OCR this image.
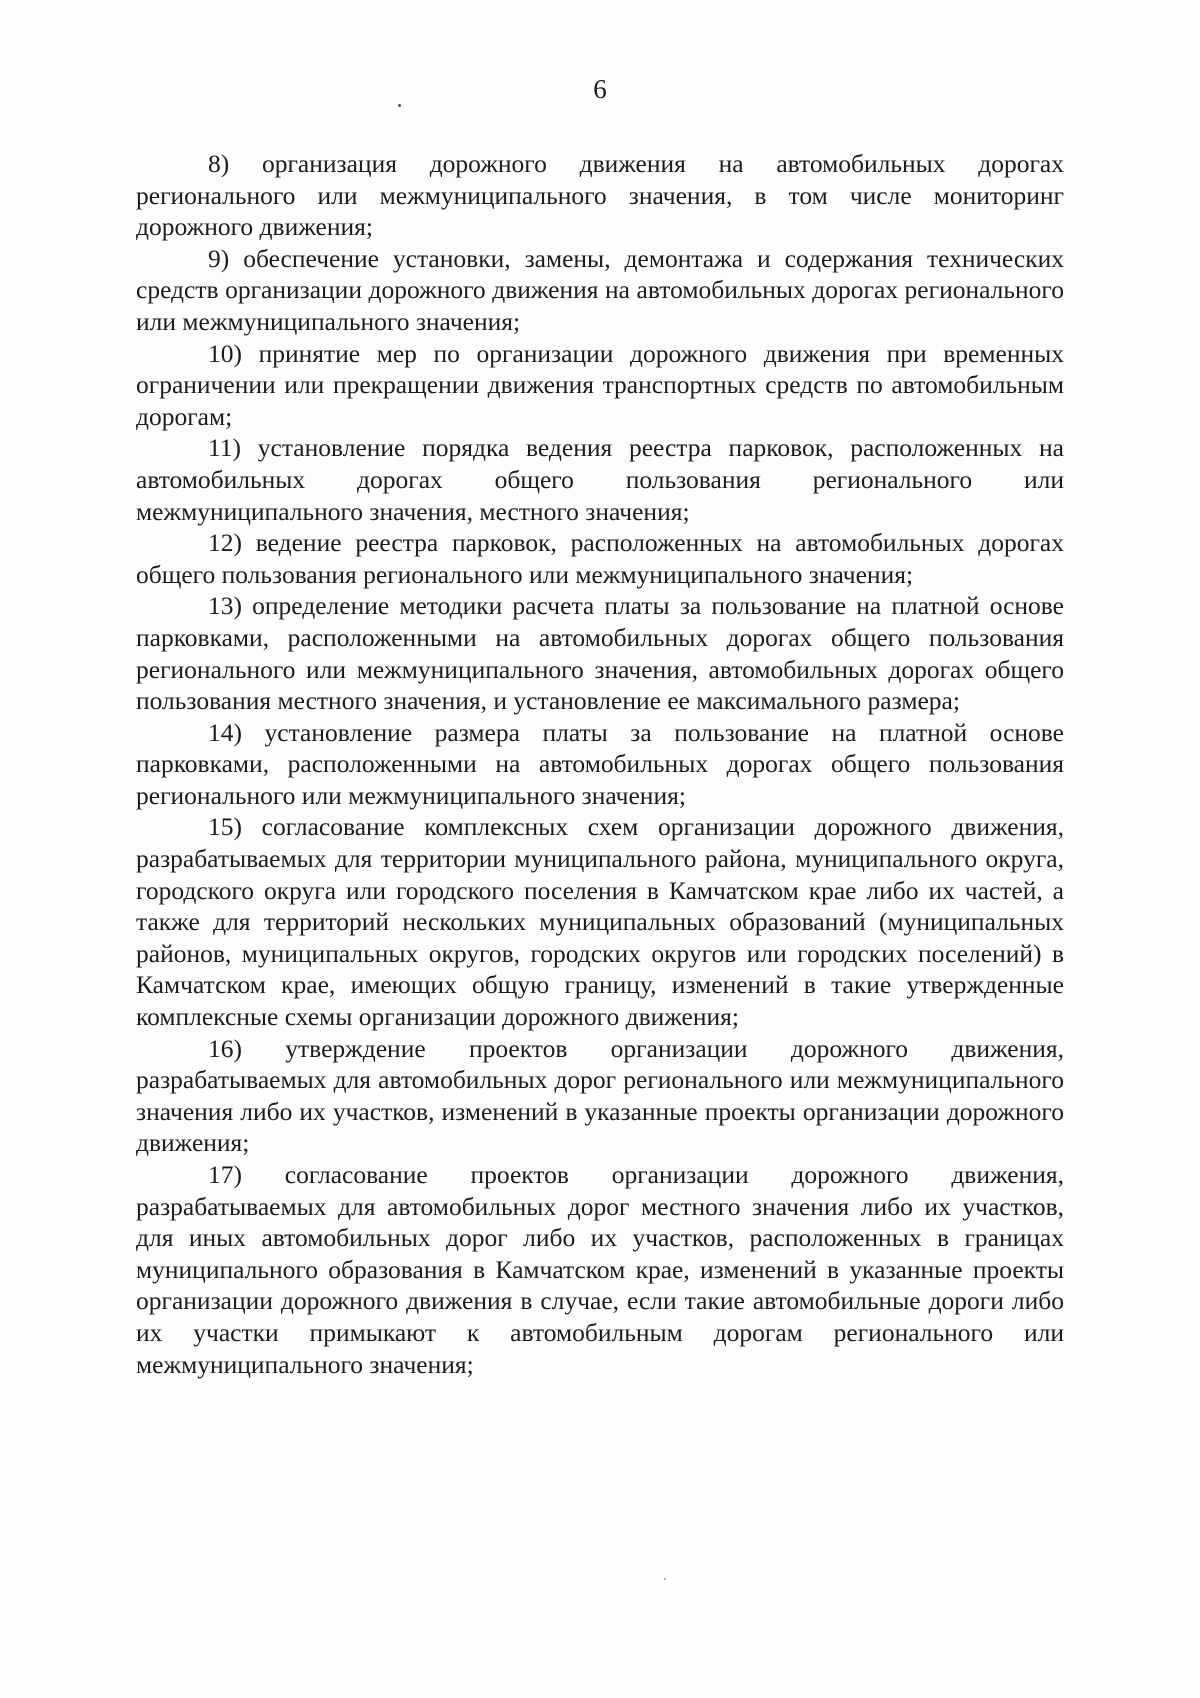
6

8) организация дорожного движения на автомобильных дорогах регионального или межмуниципального значения, в том числе мониторинг дорожного движения;

9) обеспечение установки, замены, демонтажа и содержания технических средств организации дорожного движения на автомобильных дорогах регионального или межмуниципального значения;

10) принятие мер по организации дорожного движения при временных ограничении или прекращении движения транспортных средств по автомобильным дорогам;

11) установление порядка ведения реестра парковок, расположенных на автомобильных дорогах общего пользования регионального или межмуниципального значения, местного значения;

12) ведение реестра парковок, расположенных на автомобильных дорогах общего пользования регионального или межмуниципального значения;

13) определение методики расчета платы за пользование на платной основе парковками, расположенными на автомобильных дорогах общего пользования регионального или межмуниципального значения, автомобильных дорогах общего пользования местного значения, и установление ее максимального размера;

14) установление размера платы за пользование на платной основе парковками, расположенными на автомобильных дорогах общего пользования регионального или межмуниципального значения;

15) согласование комплексных схем организации дорожного движения, разрабатываемых для территории муниципального района, муниципального округа, городского округа или городского поселения в Камчатском крае либо их частей, а также для территорий нескольких муниципальных образований (муниципальных районов, муниципальных округов, городских округов или городских поселений) в Камчатском крае, имеющих общую границу, изменений в такие утвержденные комплексные схемы организации дорожного движения;

16) утверждение проектов организации дорожного движения, разрабатываемых для автомобильных дорог регионального или межмуниципального значения либо их участков, изменений в указанные проекты организации дорожного движения;

17) согласование проектов организации дорожного движения, разрабатываемых для автомобильных дорог местного значения либо их участков, для иных автомобильных дорог либо их участков, расположенных в границах муниципального образования в Камчатском крае, изменений в указанные проекты организации дорожного движения в случае, если такие автомобильные дороги либо их участки примыкают к автомобильным дорогам регионального или межмуниципального значения;
